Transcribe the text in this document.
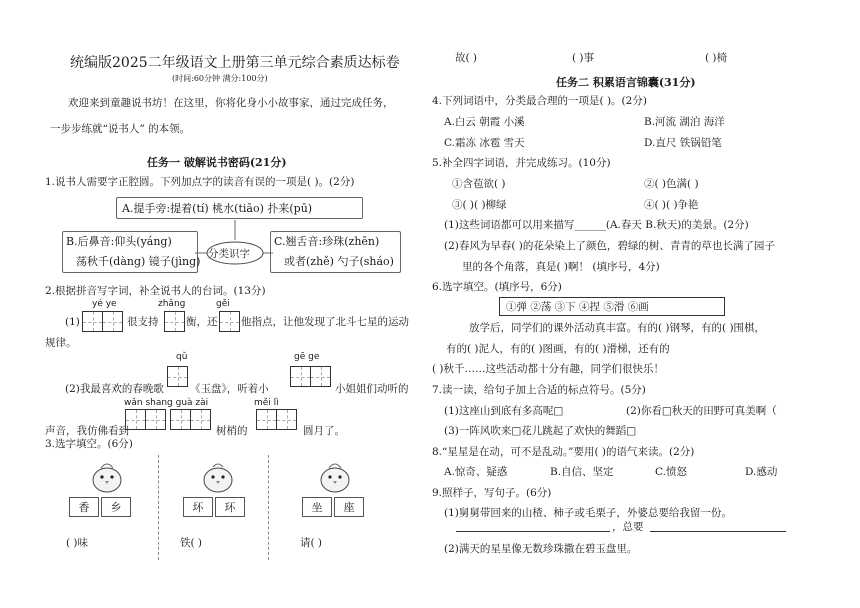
统编版2025二年级语文上册第三单元综合素质达标卷
(时间:60分钟 满分:100分)
欢迎来到童趣说书坊！在这里，你将化身小小故事家，通过完成任务，
一步步练就“说书人” 的本领。
任务一 破解说书密码(21分)
1.说书人需要字正腔圆。下列加点字的读音有误的一项是( )。(2分)
A.提手旁:提着(tí) 桃水(tiāo) 扑来(pū)
B.后鼻音:仰头(yáng)
荡秋千(dàng) 镜子(jìng)
C.翘舌音:珍珠(zhēn)
或者(zhě) 勺子(sháo)
分类识字
2.根据拼音写字词，补全说书人的台词。(13分)
yé ye	zhǎng	gěi
(1)	很支持	衡，还 他指点，让他发现了北斗七星的运动
规律。
qǔ	gē ge
(2)我最喜欢的春晚歌 《玉盘》，听着小	小姐姐们动听的
wǎn shang guà zài	měi lì
声音，我仿佛看到	树梢的	圆月了。
3.选字填空。(6分)
香	乡	坏	环	坐	座
( )味	铁( )	请( )
故( )	( )事	( )椅
任务二 积累语言锦囊(31分)
4.下列词语中，分类最合理的一项是( )。(2分)
A.白云 朝霞 小溪	B.河流 湖泊 海洋
C.霜冻 冰雹 雪天	D.直尺 铁锅铅笔
5.补全四字词语，并完成练习。(10分)
①含苞欲( )	②( )色满( )
③( )( )柳绿	④( )( )争艳
(1)这些词语都可以用来描写______(A.春天 B.秋天)的美景。(2分)
(2)春风为早春( )的花朵染上了颜色，碧绿的树、青青的草也长满了园子
里的各个角落，真是( )啊！ (填序号，4分)
6.选字填空。(填序号，6分)
①弹 ②荡 ③下 ④捏 ⑤滑 ⑥画
放学后，同学们的课外活动真丰富。有的( )钢琴，有的( )围棋，
有的( )泥人，有的( )图画，有的( )滑梯，还有的
( )秋千……这些活动都十分有趣，同学们很快乐！
7.读一读，给句子加上合适的标点符号。(5分)
(1)这座山到底有多高呢□	(2)你看□秋天的田野可真美啊（
(3)一阵风吹来□花儿跳起了欢快的舞蹈□
8.“星星是在动，可不是乱动。”要用( )的语气来读。(2分)
A.惊奇、疑惑	B.自信、坚定	C.愤怒	D.感动
9.照样子，写句子。(6分)
(1)舅舅带回来的山楂、柿子或毛栗子，外婆总要给我留一份。
，总要
(2)满天的星星像无数珍珠撒在碧玉盘里。
